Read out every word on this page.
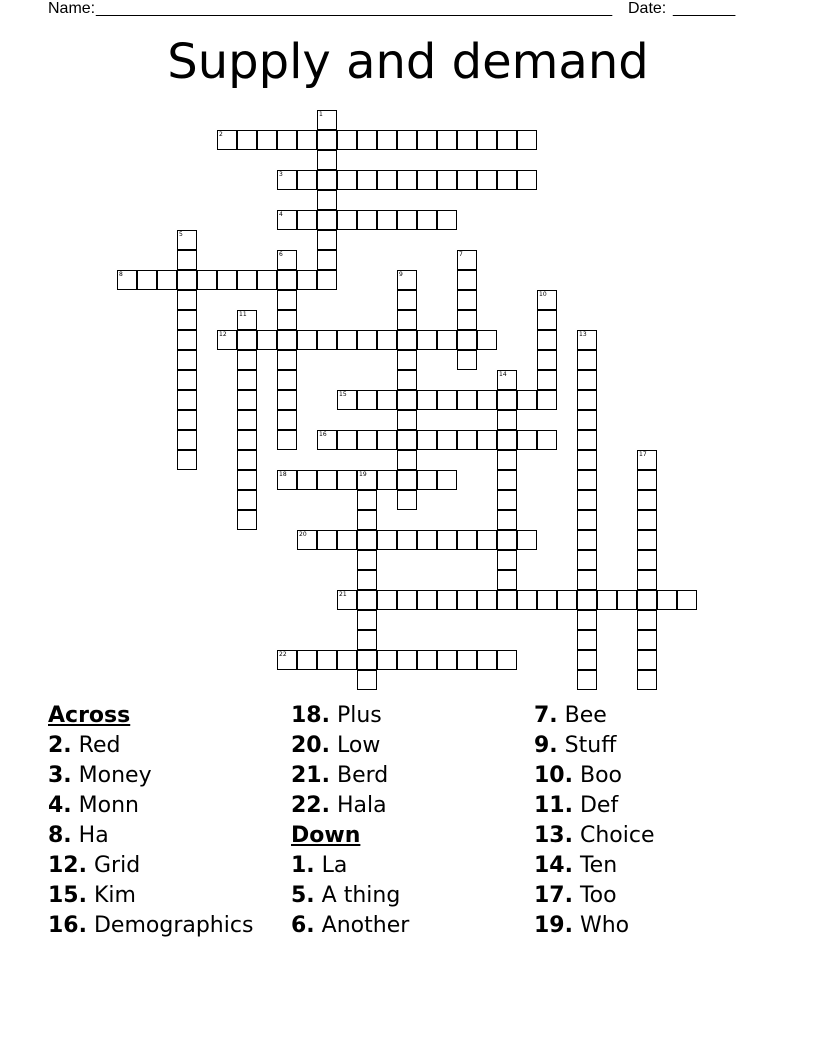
Name: __________________________________________________________ Date: _______
Supply and demand
2
3
4
8
12
15
16
18	19
20
21
22
1
5
6	7
9
10
11
13
14
17
Across
2. Red
3. Money
4. Monn
8. Ha
12. Grid
15. Kim
16. Demographics
18. Plus
20. Low
21. Berd
22. Hala
Down
1. La
5. A thing
6. Another
7. Bee
9. Stuff
10. Boo
11. Def
13. Choice
14. Ten
17. Too
19. Who
